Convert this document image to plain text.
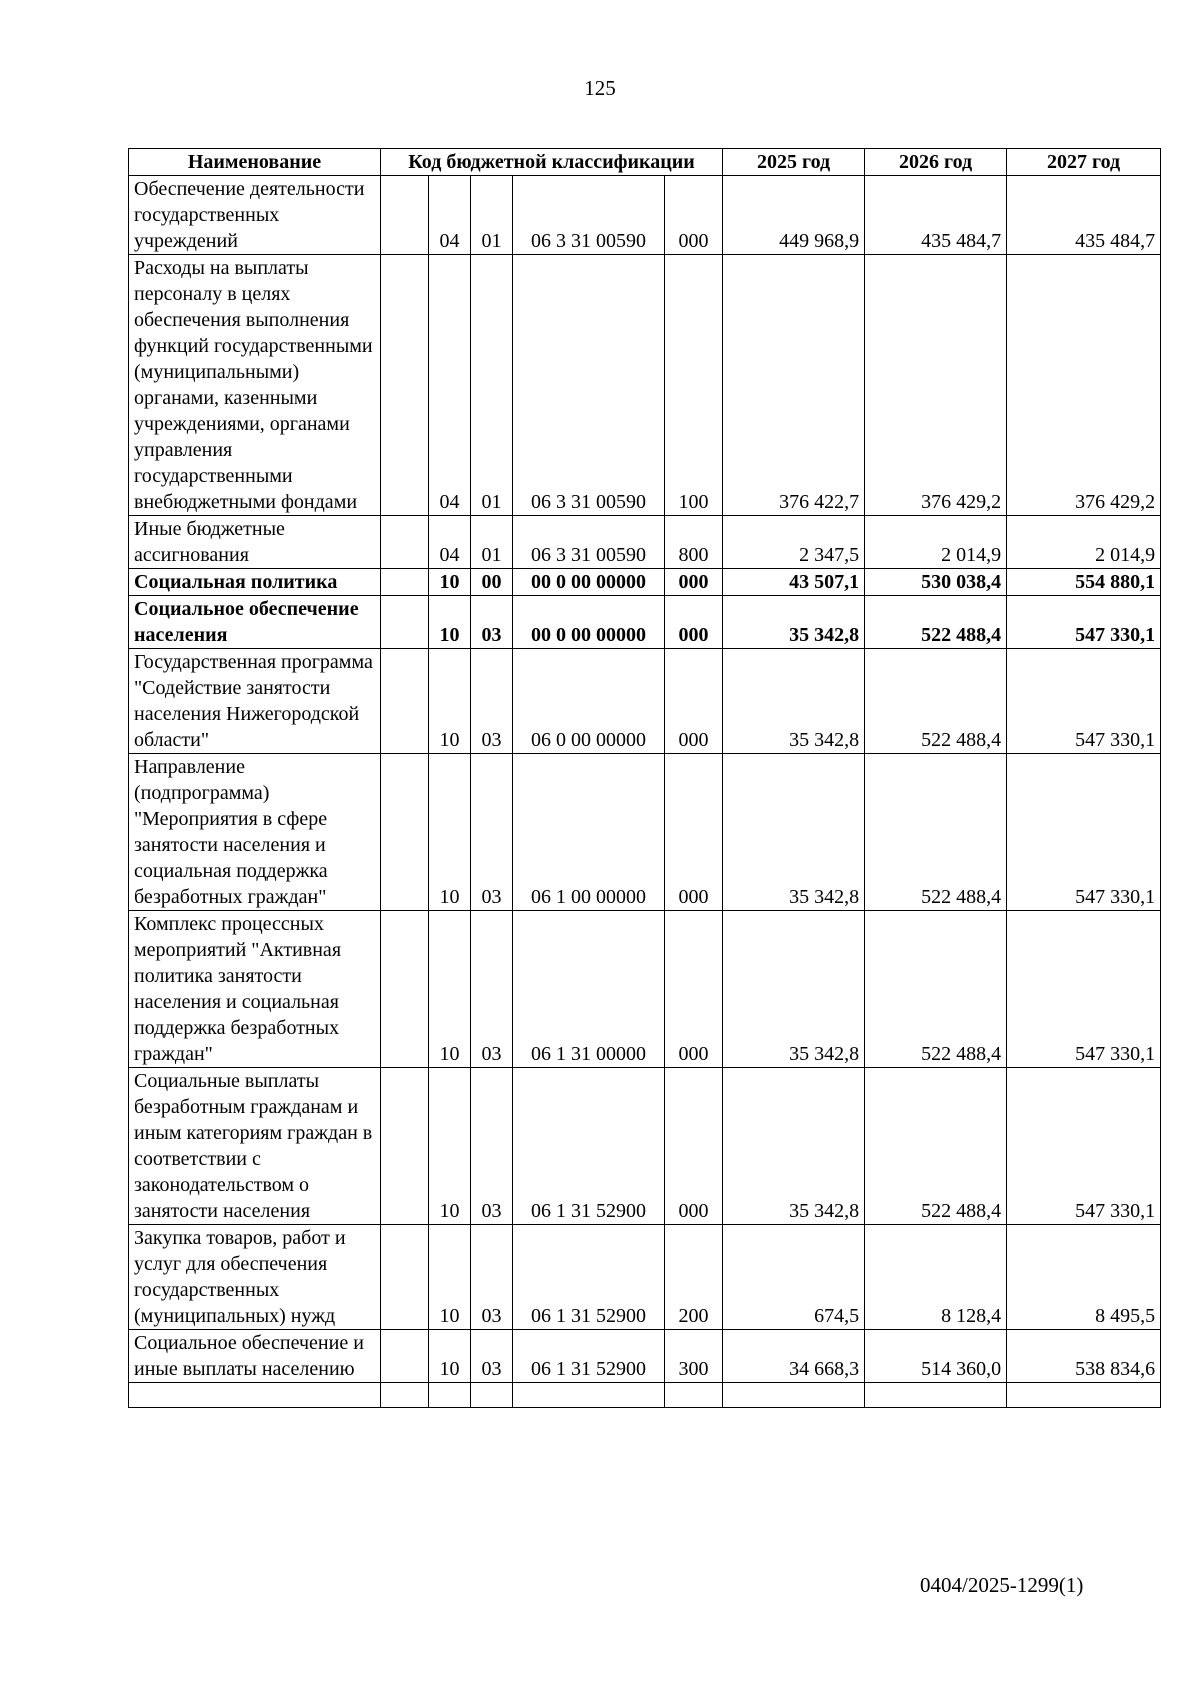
125
Наименование	Код бюджетной классификации					2025 год	2026 год	2027 год
Обеспечение деятельности государственных учреждений		04	01	06 3 31 00590	000	449 968,9	435 484,7	435 484,7
Расходы на выплаты персоналу в целях обеспечения выполнения функций государственными (муниципальными) органами, казенными учреждениями, органами управления государственными внебюджетными фондами		04	01	06 3 31 00590	100	376 422,7	376 429,2	376 429,2
Иные бюджетные ассигнования		04	01	06 3 31 00590	800	2 347,5	2 014,9	2 014,9
Социальная политика		10	00	00 0 00 00000	000	43 507,1	530 038,4	554 880,1
Социальное обеспечение населения		10	03	00 0 00 00000	000	35 342,8	522 488,4	547 330,1
Государственная программа "Содействие занятости населения Нижегородской области"		10	03	06 0 00 00000	000	35 342,8	522 488,4	547 330,1
Направление (подпрограмма) "Мероприятия в сфере занятости населения и социальная поддержка безработных граждан"		10	03	06 1 00 00000	000	35 342,8	522 488,4	547 330,1
Комплекс процессных мероприятий "Активная политика занятости населения и социальная поддержка безработных граждан"		10	03	06 1 31 00000	000	35 342,8	522 488,4	547 330,1
Социальные выплаты безработным гражданам и иным категориям граждан в соответствии с законодательством о занятости населения		10	03	06 1 31 52900	000	35 342,8	522 488,4	547 330,1
Закупка товаров, работ и услуг для обеспечения государственных (муниципальных) нужд		10	03	06 1 31 52900	200	674,5	8 128,4	8 495,5
Социальное обеспечение и иные выплаты населению		10	03	06 1 31 52900	300	34 668,3	514 360,0	538 834,6

0404/2025-1299(1)
